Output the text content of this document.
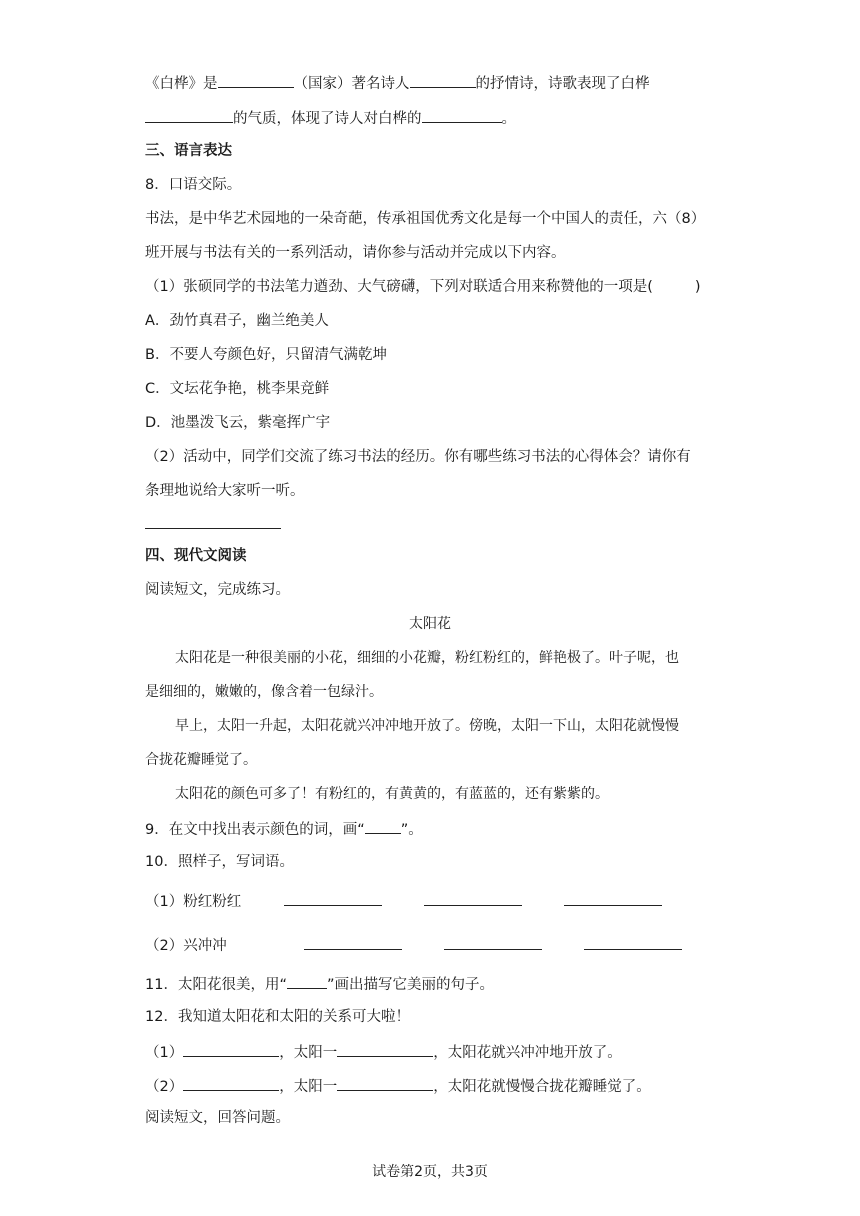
《白桦》是	（国家）著名诗人	的抒情诗，诗歌表现了白桦
的气质，体现了诗人对白桦的	。
三、语言表达
8．口语交际。
书法，是中华艺术园地的一朵奇葩，传承祖国优秀文化是每一个中国人的责任，六（8）
班开展与书法有关的一系列活动，请你参与活动并完成以下内容。
（1）张硕同学的书法笔力遒劲、大气磅礴，下列对联适合用来称赞他的一项是(	)
A．劲竹真君子，幽兰绝美人
B．不要人夸颜色好，只留清气满乾坤
C．文坛花争艳，桃李果竞鲜
D．池墨泼飞云，紫毫挥广宇
（2）活动中，同学们交流了练习书法的经历。你有哪些练习书法的心得体会？请你有
条理地说给大家听一听。
四、现代文阅读
阅读短文，完成练习。
太阳花
太阳花是一种很美丽的小花，细细的小花瓣，粉红粉红的，鲜艳极了。叶子呢，也
是细细的，嫩嫩的，像含着一包绿汁。
早上，太阳一升起，太阳花就兴冲冲地开放了。傍晚，太阳一下山，太阳花就慢慢
合拢花瓣睡觉了。
太阳花的颜色可多了！有粉红的，有黄黄的，有蓝蓝的，还有紫紫的。
9．在文中找出表示颜色的词，画“ ”。
10．照样子，写词语。
（1）粉红粉红
（2）兴冲冲
11．太阳花很美，用“	”画出描写它美丽的句子。
12．我知道太阳花和太阳的关系可大啦！
（1）	，太阳一	，太阳花就兴冲冲地开放了。
（2）	，太阳一	，太阳花就慢慢合拢花瓣睡觉了。
阅读短文，回答问题。
试卷第2页，共3页
